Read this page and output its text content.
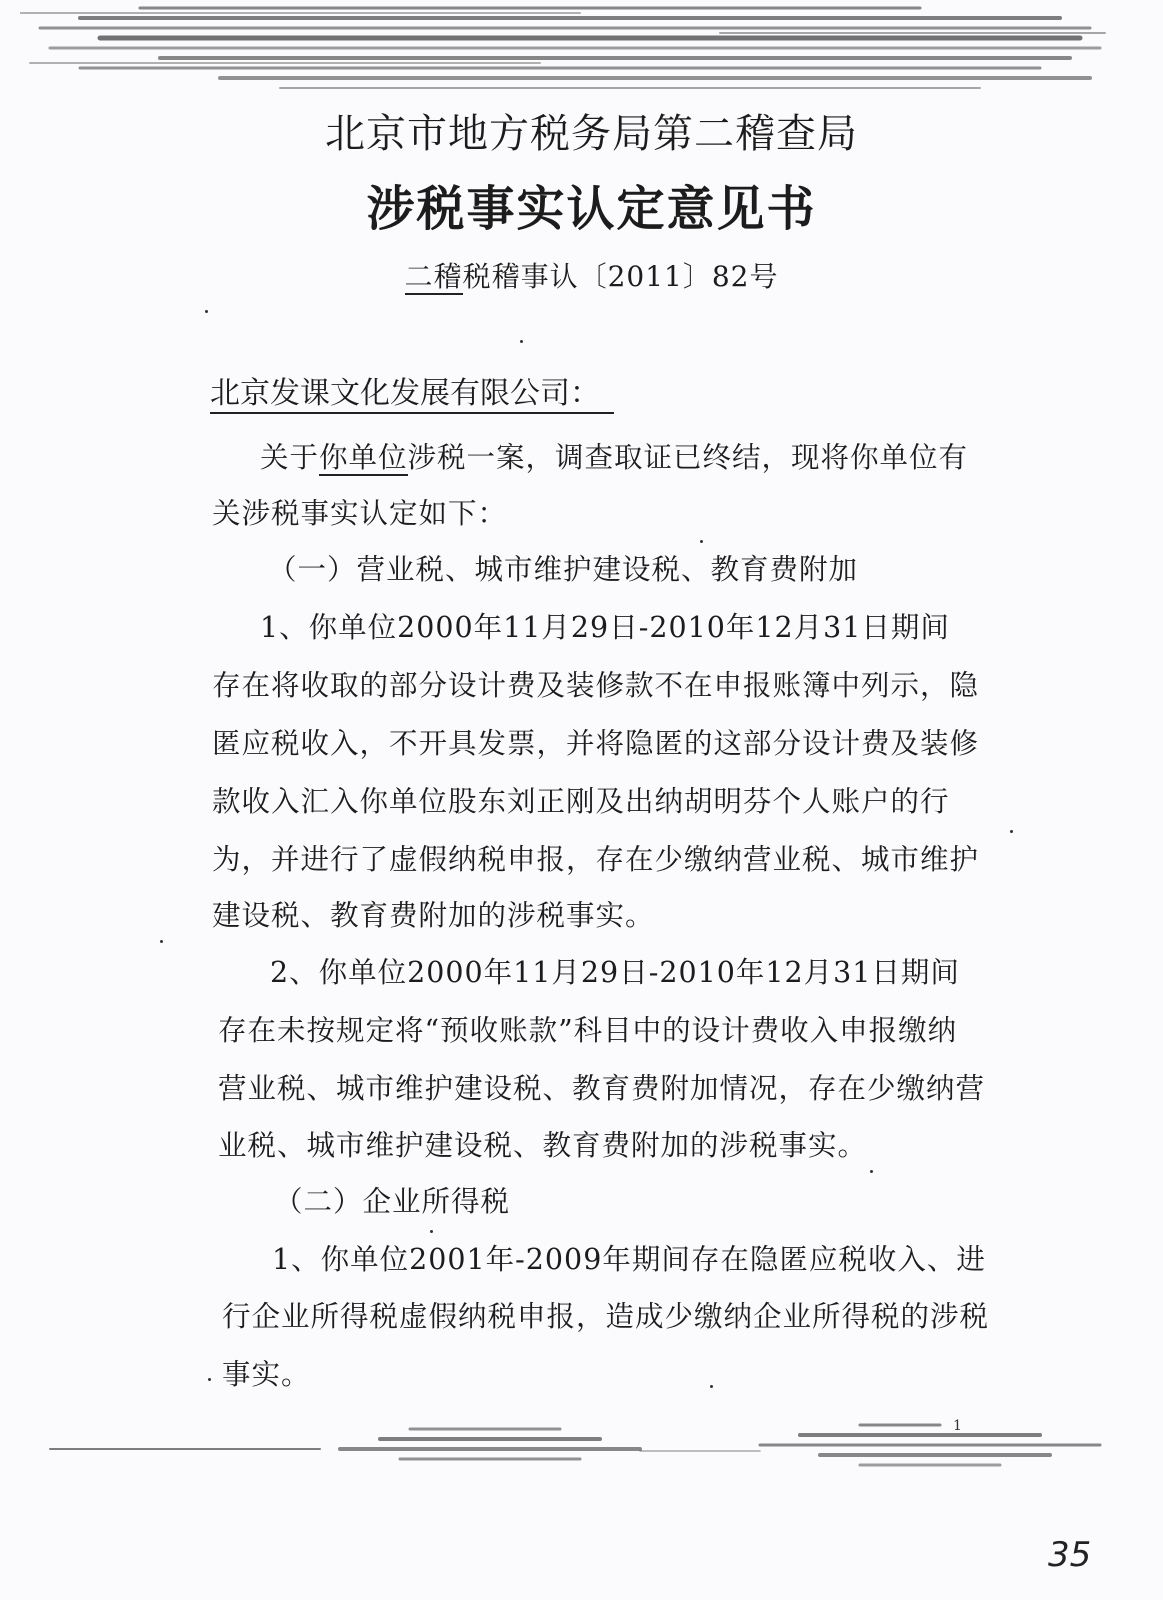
北京市地方税务局第二稽查局
涉税事实认定意见书
二稽税稽事认〔2011〕82号
北京发课文化发展有限公司：
关于你单位涉税一案，调查取证已终结，现将你单位有
关涉税事实认定如下：
（一）营业税、城市维护建设税、教育费附加
1、你单位2000年11月29日-2010年12月31日期间
存在将收取的部分设计费及装修款不在申报账簿中列示，隐
匿应税收入，不开具发票，并将隐匿的这部分设计费及装修
款收入汇入你单位股东刘正刚及出纳胡明芬个人账户的行
为，并进行了虚假纳税申报，存在少缴纳营业税、城市维护
建设税、教育费附加的涉税事实。
2、你单位2000年11月29日-2010年12月31日期间
存在未按规定将“预收账款”科目中的设计费收入申报缴纳
营业税、城市维护建设税、教育费附加情况，存在少缴纳营
业税、城市维护建设税、教育费附加的涉税事实。
（二）企业所得税
1、你单位2001年-2009年期间存在隐匿应税收入、进
行企业所得税虚假纳税申报，造成少缴纳企业所得税的涉税
事实。
1
35
